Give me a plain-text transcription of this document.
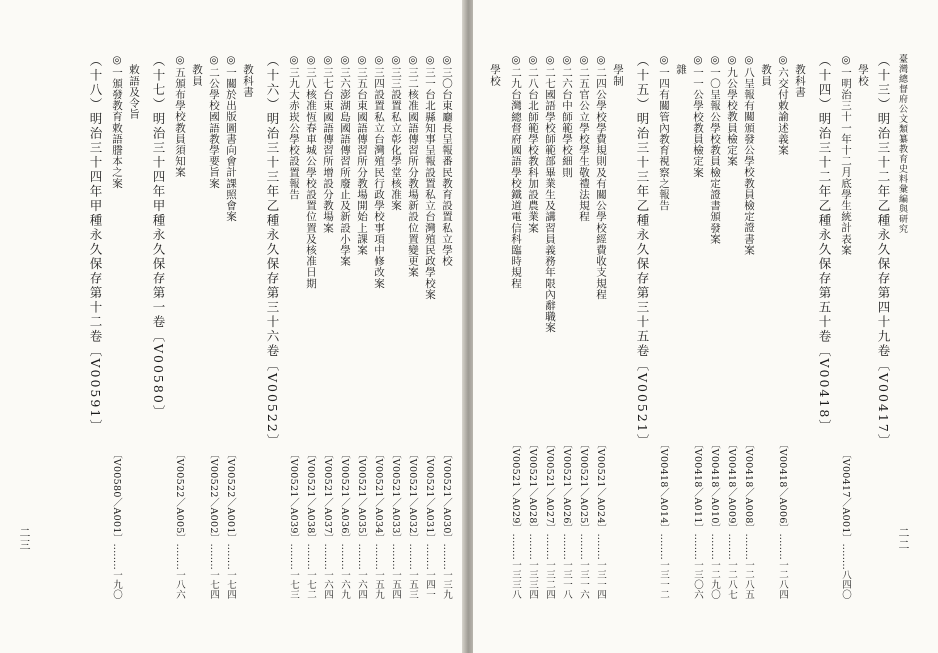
◎三〇台東廳長呈報番民教育設置私立學校
〔V00521／A030〕‥‥‥‥一三九
◎三一台北縣知事呈報設置私立台灣殖民政學校案
〔V00521／A031〕‥‥‥‥一四一
◎三二核准國語傳習所分教場新設位置變更案
〔V00521／A032〕‥‥‥‥一五三
◎三三設置私立彰化學堂核准案
〔V00521／A033〕‥‥‥‥一五四
◎三四設置私立台灣殖民行政學校事項中修改案
〔V00521／A034〕‥‥‥‥一五九
◎三五台東國語傳習所分教場開始上課案
〔V00521／A035〕‥‥‥‥一六四
◎三六澎湖島國語傳習所廢止及新設小學案
〔V00521／A036〕‥‥‥‥一六九
◎三七台東國語傳習所增設分教場案
〔V00521／A037〕‥‥‥‥一六四
◎三八核准恆春車城公學校設置位置及核准日期
〔V00521／A038〕‥‥‥‥一七二
◎三九大赤崁公學校設置報告
〔V00521／A039〕‥‥‥‥一七三
（十六）明治三十三年乙種永久保存第三十六卷〔V00522〕
教科書
◎一關於出版圖書向會計課照會案
〔V00522／A001〕‥‥‥‥一七四
◎二公學校國語教學要旨案
〔V00522／A002〕‥‥‥‥一七四
教員
◎五頒布學校教員須知案
〔V00522／A005〕‥‥‥‥一八六
（十七）明治三十四年甲種永久保存第一卷〔V00580〕
敕語及令旨
◎一頒發教育敕語謄本之案
〔V00580／A001〕‥‥‥‥一九〇
（十八）明治三十四年甲種永久保存第十二卷〔V00591〕
二三
臺灣總督府公文類纂教育史料彙編與研究
（十三）明治三十二年乙種永久保存第四十九卷〔V00417〕
學校
◎一明治三十一年十二月底學生統計表案
〔V00417／A001〕‥‥‥‥八四〇
（十四）明治三十二年乙種永久保存第五十卷〔V00418〕
教科書
◎六交付敕諭述義案
〔V00418／A006〕‥‥‥‥一二八四
教員
◎八呈報有關頒發公學校教員檢定證書案
〔V00418／A008〕‥‥‥‥一二八五
◎九公學校教員檢定案
〔V00418／A009〕‥‥‥‥一二八七
◎一〇呈報公學校教員檢定證書頒發案
〔V00418／A010〕‥‥‥‥一二九〇
◎一一公學校教員檢定案
〔V00418／A011〕‥‥‥‥一三〇六
雜
◎一四有關管內教育視察之報告
〔V00418／A014〕‥‥‥‥一三一二
（十五）明治三十三年乙種永久保存第三十五卷〔V00521〕
學制
◎二四公學校學費規則及有關公學校經費收支規程
〔V00521／A024〕‥‥‥‥一三一四
◎二五官公立學校學生敬禮法規程
〔V00521／A025〕‥‥‥‥一三一六
◎二六台中師範學校細則
〔V00521／A026〕‥‥‥‥一三一八
◎二七國語學校師範部畢業生及講習員義務年限內辭職案
〔V00521／A027〕‥‥‥‥一三二四
◎二八台北師範學校教科加設農業案
〔V00521／A028〕‥‥‥‥一三三四
◎二九台灣總督府國語學校鐵道電信科臨時規程
〔V00521／A029〕‥‥‥‥一三三八
學校
二二
